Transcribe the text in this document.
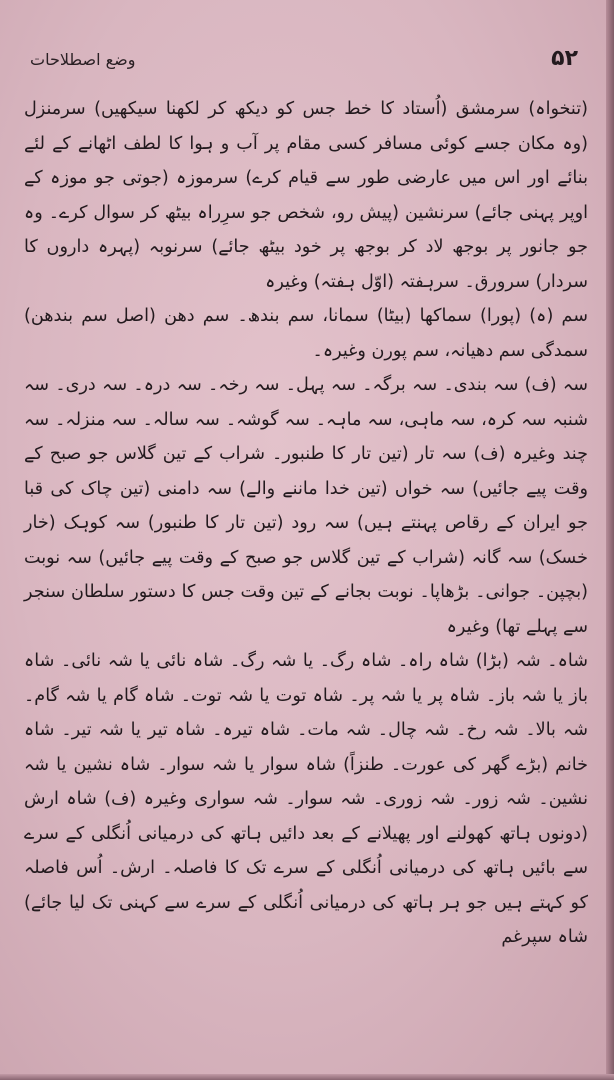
۵۲
وضع اصطلاحات

(تنخواہ) سرمشق (اُستاد کا خط جس کو دیکھ کر لکھنا سیکھیں) سرمنزل (وہ مکان جسے کوئی مسافر کسی مقام پر آب و ہوا کا لطف اٹھانے کے لئے بنائے اور اس میں عارضی طور سے قیام کرے) سرموزہ (جوتی جو موزہ کے اوپر پہنی جائے) سرنشین (پیش رو، شخص جو سرِراہ بیٹھ کر سوال کرے۔ وہ جو جانور پر بوجھ لاد کر بوجھ پر خود بیٹھ جائے) سرنوبہ (پہرہ داروں کا سردار) سرورق۔ سرہفتہ (اوّل ہفتہ) وغیرہ

سم (ہ) (پورا) سماکھا (بیٹا) سمانا، سم بندھ۔ سم دھن (اصل سم بندھن) سمدگی سم دھیانہ، سم پورن وغیرہ۔

سہ (ف) سہ بندی۔ سہ برگہ۔ سہ پہل۔ سہ رخہ۔ سہ درہ۔ سہ دری۔ سہ شنبہ سہ کرہ، سہ ماہی، سہ ماہہ۔ سہ گوشہ۔ سہ سالہ۔ سہ منزلہ۔ سہ چند وغیرہ (ف) سہ تار (تین تار کا طنبور۔ شراب کے تین گلاس جو صبح کے وقت پیے جائیں) سہ خواں (تین خدا ماننے والے) سہ دامنی (تین چاک کی قبا جو ایران کے رقاص پہنتے ہیں) سہ رود (تین تار کا طنبور) سہ کوہک (خار خسک) سہ گانہ (شراب کے تین گلاس جو صبح کے وقت پیے جائیں) سہ نوبت (بچپن۔ جوانی۔ بڑھاپا۔ نوبت بجانے کے تین وقت جس کا دستور سلطان سنجر سے پہلے تھا) وغیرہ

شاہ۔ شہ (بڑا) شاہ راہ۔ شاہ رگ۔ یا شہ رگ۔ شاہ نائی یا شہ نائی۔ شاہ باز یا شہ باز۔ شاہ پر یا شہ پر۔ شاہ توت یا شہ توت۔ شاہ گام یا شہ گام۔ شہ بالا۔ شہ رخ۔ شہ چال۔ شہ مات۔ شاہ تیرہ۔ شاہ تیر یا شہ تیر۔ شاہ خانم (بڑے گھر کی عورت۔ طنزاً) شاہ سوار یا شہ سوار۔ شاہ نشین یا شہ نشین۔ شہ زور۔ شہ زوری۔ شہ سوار۔ شہ سواری وغیرہ (ف) شاہ ارش (دونوں ہاتھ کھولنے اور پھیلانے کے بعد دائیں ہاتھ کی درمیانی اُنگلی کے سرے سے بائیں ہاتھ کی درمیانی اُنگلی کے سرے تک کا فاصلہ۔ ارش۔ اُس فاصلہ کو کہتے ہیں جو ہر ہاتھ کی درمیانی اُنگلی کے سرے سے کہنی تک لیا جائے) شاہ سپرغم
